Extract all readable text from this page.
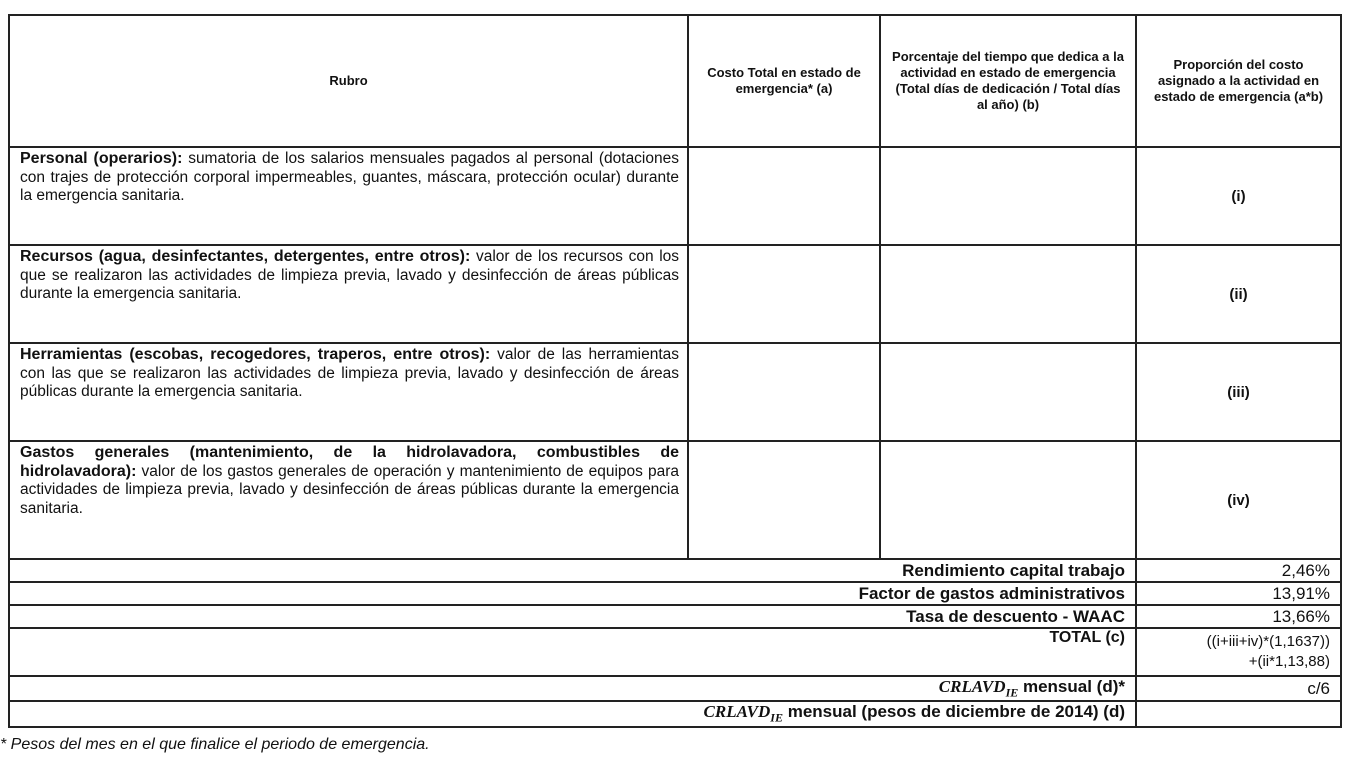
Rubro	Costo Total en estado de emergencia* (a)	Porcentaje del tiempo que dedica a la actividad en estado de emergencia (Total días de dedicación / Total días al año) (b)	Proporción del costo asignado a la actividad en estado de emergencia (a*b)
Personal (operarios): sumatoria de los salarios mensuales pagados al personal (dotaciones con trajes de protección corporal impermeables, guantes, máscara, protección ocular) durante la emergencia sanitaria.			(i)
Recursos (agua, desinfectantes, detergentes, entre otros): valor de los recursos con los que se realizaron las actividades de limpieza previa, lavado y desinfección de áreas públicas durante la emergencia sanitaria.			(ii)
Herramientas (escobas, recogedores, traperos, entre otros): valor de las herramientas con las que se realizaron las actividades de limpieza previa, lavado y desinfección de áreas públicas durante la emergencia sanitaria.			(iii)
Gastos generales (mantenimiento, de la hidrolavadora, combustibles de hidrolavadora): valor de los gastos generales de operación y mantenimiento de equipos para actividades de limpieza previa, lavado y desinfección de áreas públicas durante la emergencia sanitaria.			(iv)
Rendimiento capital trabajo			2,46%
Factor de gastos administrativos			13,91%
Tasa de descuento - WAAC			13,66%
TOTAL (c)			((i+iii+iv)*(1,1637))
+(ii*1,13,88)

$CRLAVD_{IE}$ mensual (d)*			c/6
$CRLAVD_{IE}$ mensual (pesos de diciembre de 2014) (d)			
* Pesos del mes en el que finalice el periodo de emergencia.
